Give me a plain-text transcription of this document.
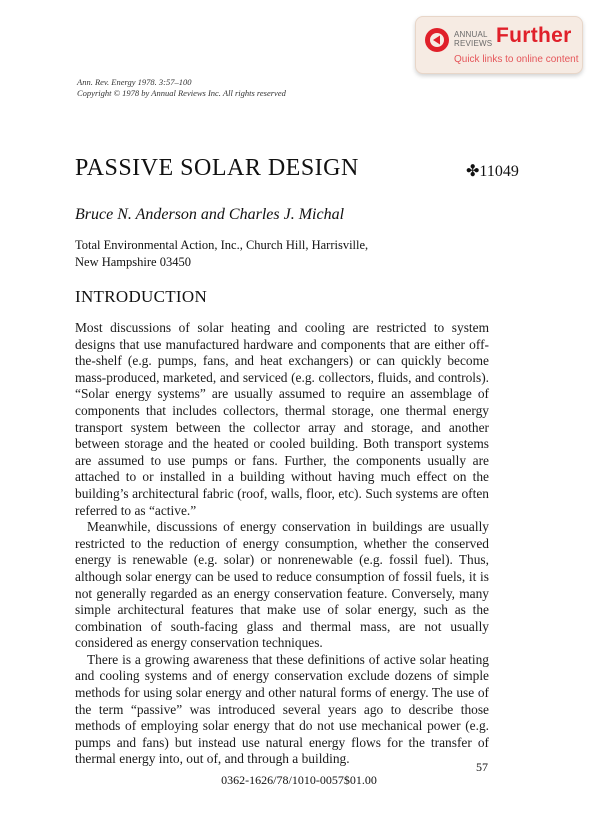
ANNUAL
REVIEWS Further
Quick links to online content
Ann. Rev. Energy 1978. 3:57–100
Copyright © 1978 by Annual Reviews Inc. All rights reserved
PASSIVE SOLAR DESIGN	✤11049
Bruce N. Anderson and Charles J. Michal
Total Environmental Action, Inc., Church Hill, Harrisville,
New Hampshire 03450
INTRODUCTION

Most discussions of solar heating and cooling are restricted to system designs that use manufactured hardware and components that are either off-the-shelf (e.g. pumps, fans, and heat exchangers) or can quickly become mass-produced, marketed, and serviced (e.g. collectors, fluids, and controls). “Solar energy systems” are usually assumed to require an assemblage of components that includes collectors, thermal storage, one thermal energy transport system between the collector array and storage, and another between storage and the heated or cooled building. Both transport systems are assumed to use pumps or fans. Further, the components usually are attached to or installed in a building without having much effect on the building’s architectural fabric (roof, walls, floor, etc). Such systems are often referred to as “active.”

Meanwhile, discussions of energy conservation in buildings are usually restricted to the reduction of energy consumption, whether the conserved energy is renewable (e.g. solar) or nonrenewable (e.g. fossil fuel). Thus, although solar energy can be used to reduce consumption of fossil fuels, it is not generally regarded as an energy conservation feature. Conversely, many simple architectural features that make use of solar energy, such as the combination of south-facing glass and thermal mass, are not usually considered as energy conservation techniques.

There is a growing awareness that these definitions of active solar heating and cooling systems and of energy conservation exclude dozens of simple methods for using solar energy and other natural forms of energy. The use of the term “passive” was introduced several years ago to describe those methods of employing solar energy that do not use mechanical power (e.g. pumps and fans) but instead use natural energy flows for the transfer of thermal energy into, out of, and through a building.

57
0362-1626/78/1010-0057$01.00
